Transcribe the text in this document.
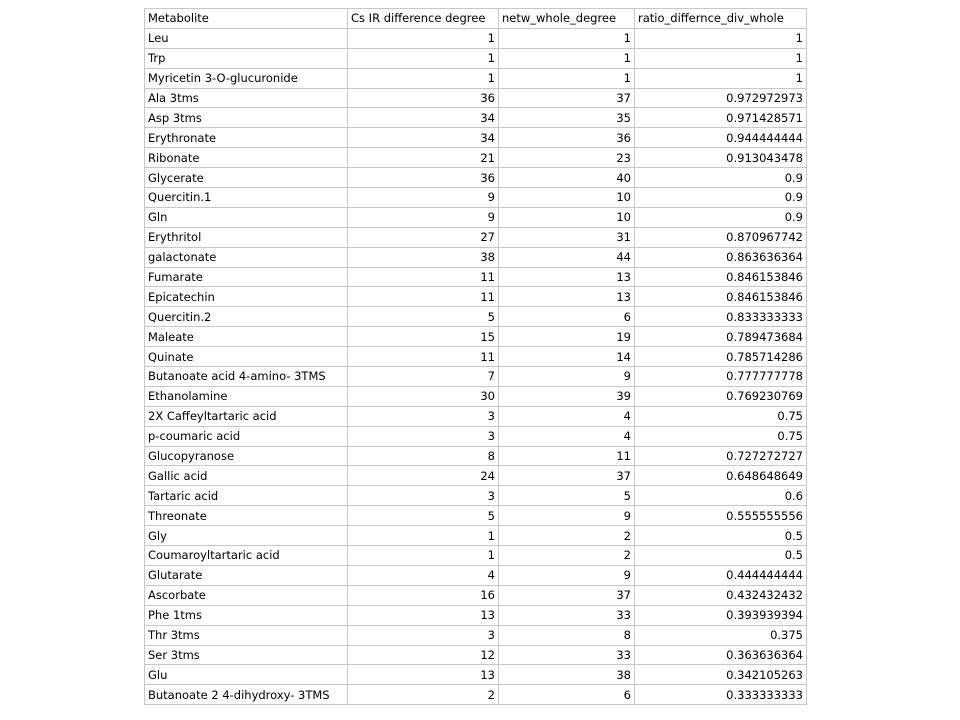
Metabolite	Cs IR difference degree	netw_whole_degree	ratio_differnce_div_whole
Leu	1	1	1
Trp	1	1	1
Myricetin 3-O-glucuronide	1	1	1
Ala 3tms	36	37	0.972972973
Asp 3tms	34	35	0.971428571
Erythronate	34	36	0.944444444
Ribonate	21	23	0.913043478
Glycerate	36	40	0.9
Quercitin.1	9	10	0.9
Gln	9	10	0.9
Erythritol	27	31	0.870967742
galactonate	38	44	0.863636364
Fumarate	11	13	0.846153846
Epicatechin	11	13	0.846153846
Quercitin.2	5	6	0.833333333
Maleate	15	19	0.789473684
Quinate	11	14	0.785714286
Butanoate acid 4-amino- 3TMS	7	9	0.777777778
Ethanolamine	30	39	0.769230769
2X Caffeyltartaric acid	3	4	0.75
p-coumaric acid	3	4	0.75
Glucopyranose	8	11	0.727272727
Gallic acid	24	37	0.648648649
Tartaric acid	3	5	0.6
Threonate	5	9	0.555555556
Gly	1	2	0.5
Coumaroyltartaric acid	1	2	0.5
Glutarate	4	9	0.444444444
Ascorbate	16	37	0.432432432
Phe 1tms	13	33	0.393939394
Thr 3tms	3	8	0.375
Ser 3tms	12	33	0.363636364
Glu	13	38	0.342105263
Butanoate 2 4-dihydroxy- 3TMS	2	6	0.333333333
